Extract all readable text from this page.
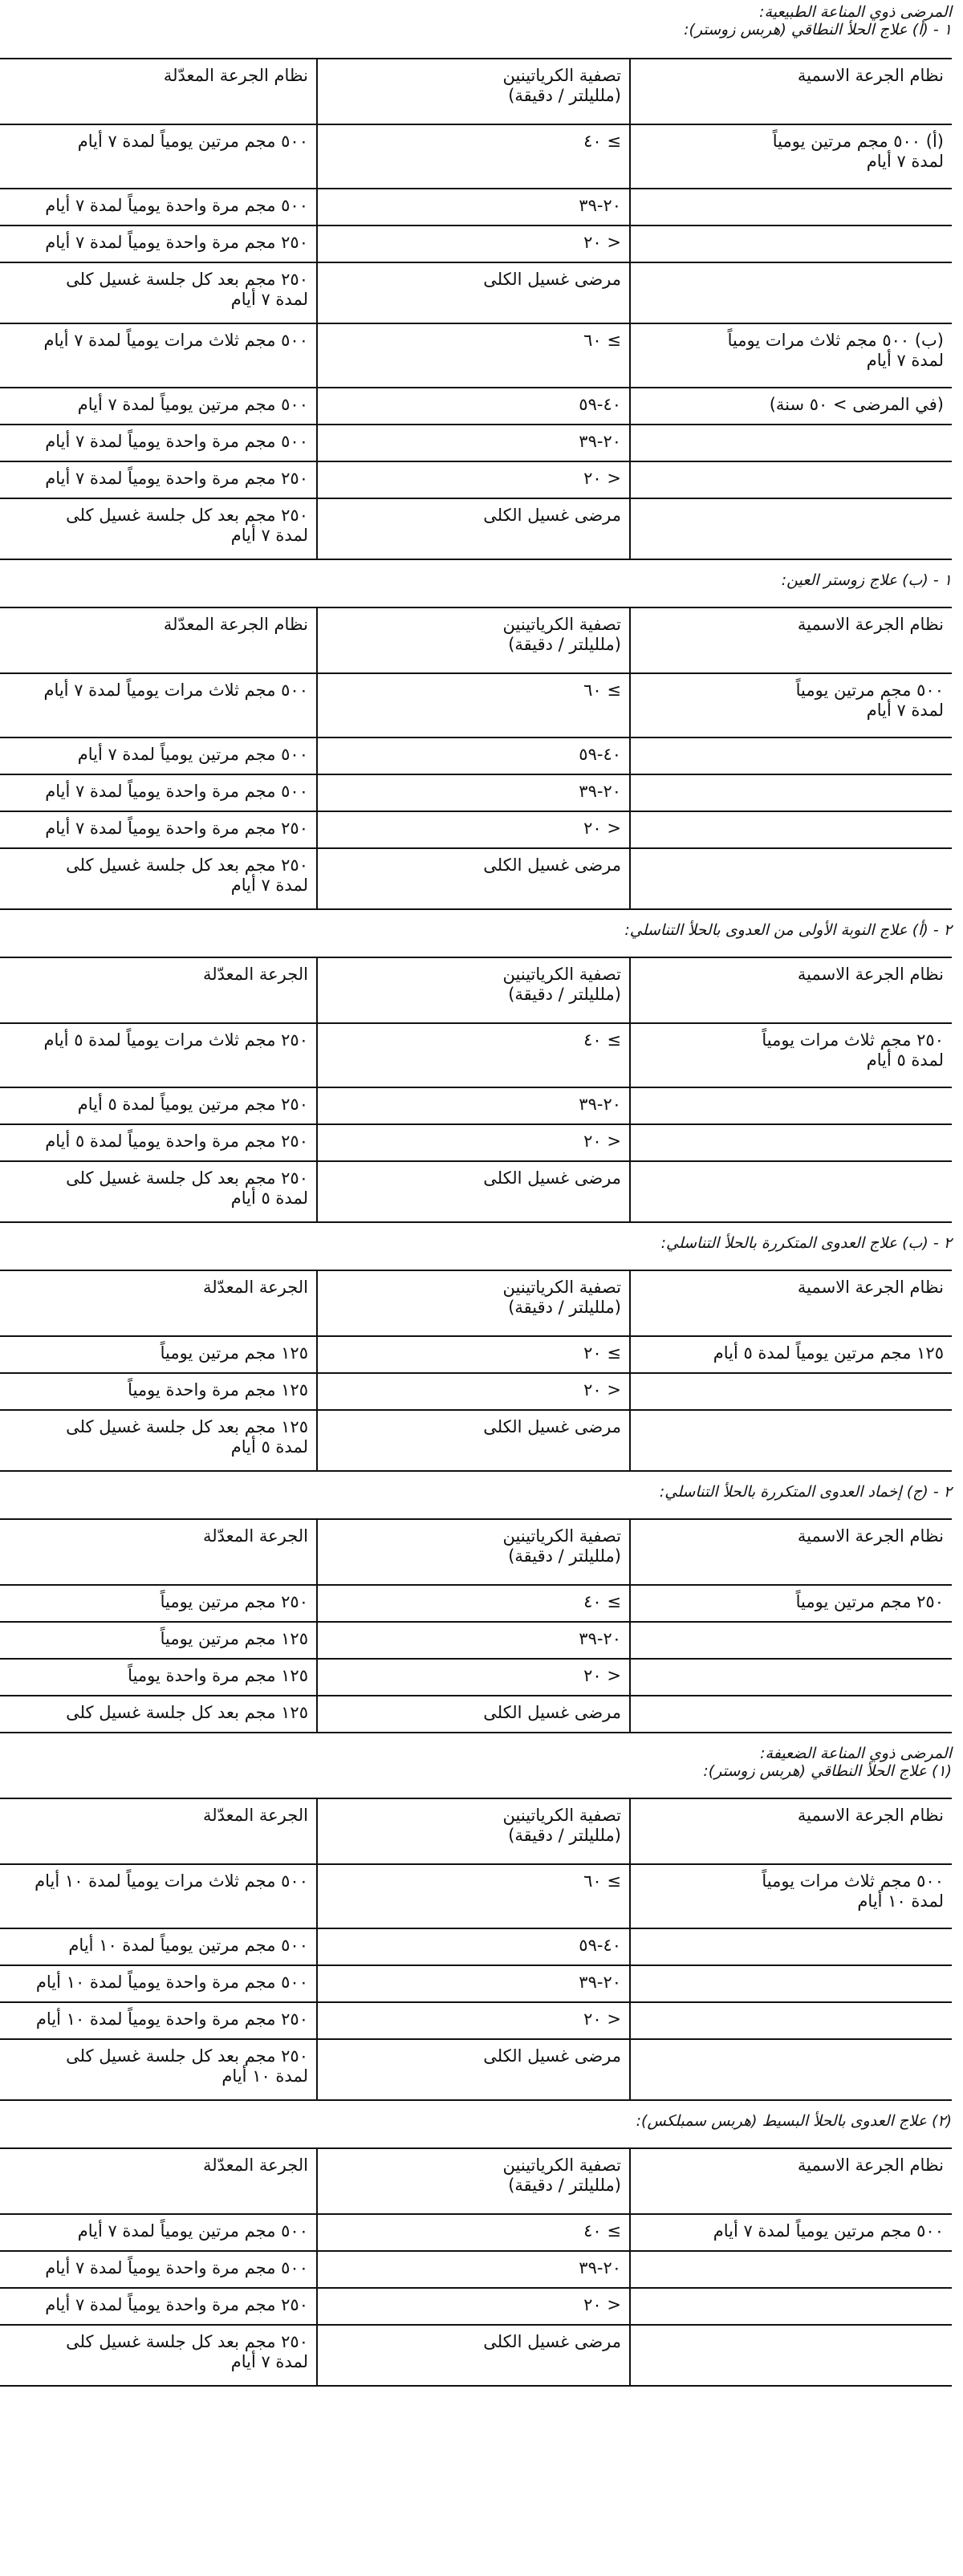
المرضى ذوي المناعة الطبيعية:

١ - (أ) علاج الحلأ النطاقي (هربس زوستر):

نظام الجرعة الاسمية	تصفية الكرياتينين
(ملليلتر / دقيقة)	نظام الجرعة المعدّلة
(أ) ٥٠٠ مجم مرتين يومياً
لمدة ٧ أيام	≥ ٤٠	٥٠٠ مجم مرتين يومياً لمدة ٧ أيام
	٢٠-٣٩	٥٠٠ مجم مرة واحدة يومياً لمدة ٧ أيام
	< ٢٠	٢٥٠ مجم مرة واحدة يومياً لمدة ٧ أيام
	مرضى غسيل الكلى	٢٥٠ مجم بعد كل جلسة غسيل كلى
لمدة ٧ أيام
(ب) ٥٠٠ مجم ثلاث مرات يومياً
لمدة ٧ أيام	≥ ٦٠	٥٠٠ مجم ثلاث مرات يومياً لمدة ٧ أيام
(في المرضى > ٥٠ سنة)	٤٠-٥٩	٥٠٠ مجم مرتين يومياً لمدة ٧ أيام
	٢٠-٣٩	٥٠٠ مجم مرة واحدة يومياً لمدة ٧ أيام
	< ٢٠	٢٥٠ مجم مرة واحدة يومياً لمدة ٧ أيام
	مرضى غسيل الكلى	٢٥٠ مجم بعد كل جلسة غسيل كلى
لمدة ٧ أيام

١ - (ب) علاج زوستر العين:

نظام الجرعة الاسمية	تصفية الكرياتينين
(ملليلتر / دقيقة)	نظام الجرعة المعدّلة
٥٠٠ مجم مرتين يومياً
لمدة ٧ أيام	≥ ٦٠	٥٠٠ مجم ثلاث مرات يومياً لمدة ٧ أيام
	٤٠-٥٩	٥٠٠ مجم مرتين يومياً لمدة ٧ أيام
	٢٠-٣٩	٥٠٠ مجم مرة واحدة يومياً لمدة ٧ أيام
	< ٢٠	٢٥٠ مجم مرة واحدة يومياً لمدة ٧ أيام
	مرضى غسيل الكلى	٢٥٠ مجم بعد كل جلسة غسيل كلى
لمدة ٧ أيام

٢ - (أ) علاج النوبة الأولى من العدوى بالحلأ التناسلي:

نظام الجرعة الاسمية	تصفية الكرياتينين
(ملليلتر / دقيقة)	الجرعة المعدّلة
٢٥٠ مجم ثلاث مرات يومياً
لمدة ٥ أيام	≥ ٤٠	٢٥٠ مجم ثلاث مرات يومياً لمدة ٥ أيام
	٢٠-٣٩	٢٥٠ مجم مرتين يومياً لمدة ٥ أيام
	< ٢٠	٢٥٠ مجم مرة واحدة يومياً لمدة ٥ أيام
	مرضى غسيل الكلى	٢٥٠ مجم بعد كل جلسة غسيل كلى
لمدة ٥ أيام

٢ - (ب) علاج العدوى المتكررة بالحلأ التناسلي:

نظام الجرعة الاسمية	تصفية الكرياتينين
(ملليلتر / دقيقة)	الجرعة المعدّلة
١٢٥ مجم مرتين يومياً لمدة ٥ أيام	≥ ٢٠	١٢٥ مجم مرتين يومياً
	< ٢٠	١٢٥ مجم مرة واحدة يومياً
	مرضى غسيل الكلى	١٢٥ مجم بعد كل جلسة غسيل كلى
لمدة ٥ أيام

٢ - (ج) إخماد العدوى المتكررة بالحلأ التناسلي:

نظام الجرعة الاسمية	تصفية الكرياتينين
(ملليلتر / دقيقة)	الجرعة المعدّلة
٢٥٠ مجم مرتين يومياً	≥ ٤٠	٢٥٠ مجم مرتين يومياً
	٢٠-٣٩	١٢٥ مجم مرتين يومياً
	< ٢٠	١٢٥ مجم مرة واحدة يومياً
	مرضى غسيل الكلى	١٢٥ مجم بعد كل جلسة غسيل كلى

المرضى ذوي المناعة الضعيفة:

(١) علاج الحلأ النطاقي (هربس زوستر):

نظام الجرعة الاسمية	تصفية الكرياتينين
(ملليلتر / دقيقة)	الجرعة المعدّلة
٥٠٠ مجم ثلاث مرات يومياً
لمدة ١٠ أيام	≥ ٦٠	٥٠٠ مجم ثلاث مرات يومياً لمدة ١٠ أيام
	٤٠-٥٩	٥٠٠ مجم مرتين يومياً لمدة ١٠ أيام
	٢٠-٣٩	٥٠٠ مجم مرة واحدة يومياً لمدة ١٠ أيام
	< ٢٠	٢٥٠ مجم مرة واحدة يومياً لمدة ١٠ أيام
	مرضى غسيل الكلى	٢٥٠ مجم بعد كل جلسة غسيل كلى
لمدة ١٠ أيام

(٢) علاج العدوى بالحلأ البسيط (هربس سمبلكس):

نظام الجرعة الاسمية	تصفية الكرياتينين
(ملليلتر / دقيقة)	الجرعة المعدّلة
٥٠٠ مجم مرتين يومياً لمدة ٧ أيام	≥ ٤٠	٥٠٠ مجم مرتين يومياً لمدة ٧ أيام
	٢٠-٣٩	٥٠٠ مجم مرة واحدة يومياً لمدة ٧ أيام
	< ٢٠	٢٥٠ مجم مرة واحدة يومياً لمدة ٧ أيام
	مرضى غسيل الكلى	٢٥٠ مجم بعد كل جلسة غسيل كلى
لمدة ٧ أيام
